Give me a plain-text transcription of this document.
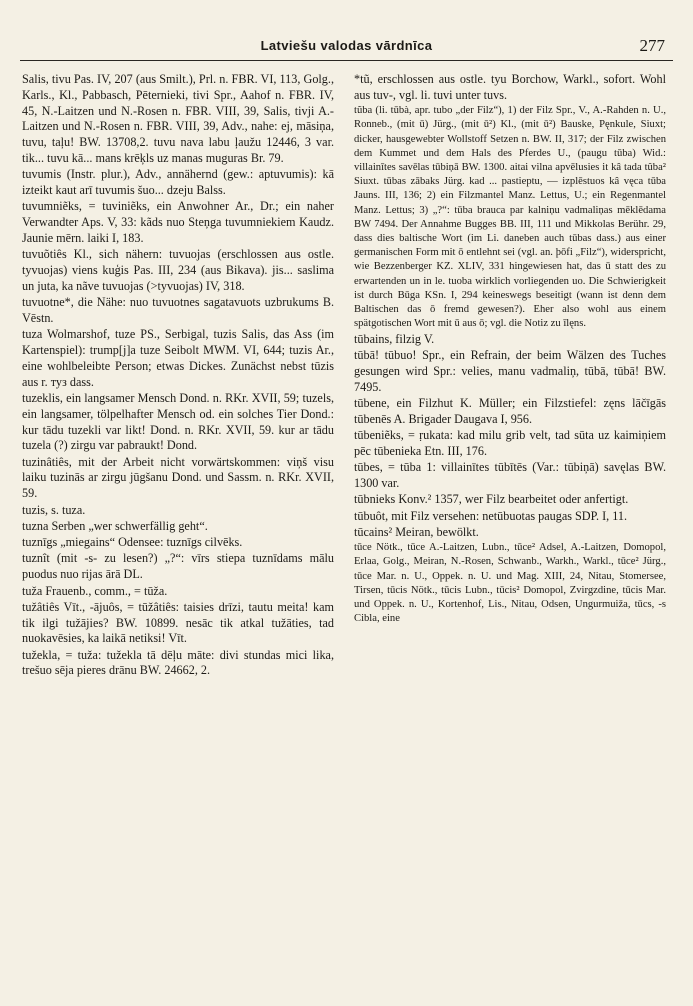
Latviešu valodas vārdnīca	277

Salis, tivu Pas. IV, 207 (aus Smilt.), Prl. n. FBR. VI, 113, Golg., Karls., Kl., Pabbasch, Pēternieki, tivi Spr., Aahof n. FBR. IV, 45, N.-Laitzen und N.-Rosen n. FBR. VIII, 39, Salis, tivji A.-Laitzen und N.-Rosen n. FBR. VIII, 39, Adv., nahe: ej, māsiņa, tuvu, taļu! BW. 13708,2. tuvu nava labu ļaužu 12446, 3 var. tik... tuvu kā... mans krēķls uz manas muguras Br. 79.

tuvumis (Instr. plur.), Adv., annähernd (gew.: aptuvumis): kā izteikt kaut arī tuvumis šuo... dzeju Balss.

tuvumniẽks, = tuviniẽks, ein Anwohner Ar., Dr.; ein naher Verwandter Aps. V, 33: kãds nuo Steņga tuvumniekiem Kaudz. Jaunie mērn. laiki I, 183.

tuvuõtiês Kl., sich nähern: tuvuojas (erschlossen aus ostle. tyvuojas) viens kuģis Pas. III, 234 (aus Bikava). jis... saslima un juta, ka nãve tuvuojas (>tyvuojas) IV, 318.

tuvuotne*, die Nähe: nuo tuvuotnes sagatavuots uzbrukums B. Vēstn.

tuza Wolmarshof, tuze PS., Serbigal, tuzis Salis, das Ass (im Kartenspiel): trump[j]a tuze Seibolt MWM. VI, 644; tuzis Ar., eine wohlbeleibte Person; etwas Dickes. Zunächst nebst tūzis aus r. туз dass.

tuzeklis, ein langsamer Mensch Dond. n. RKr. XVII, 59; tuzels, ein langsamer, tölpelhafter Mensch od. ein solches Tier Dond.: kur tādu tuzekli var likt! Dond. n. RKr. XVII, 59. kur ar tādu tuzela (?) zirgu var pabraukt! Dond.

tuzinâtiês, mit der Arbeit nicht vorwärtskommen: viņš visu laiku tuzinās ar zirgu jūgšanu Dond. und Sassm. n. RKr. XVII, 59.

tuzis, s. tuza.

tuzna Serben „wer schwerfällig geht“.

tuznīgs „miegains“ Odensee: tuznīgs cilvēks.

tuznît (mit -s- zu lesen?) „?“: vīrs stiepa tuznīdams mālu puodus nuo rijas ārā DL.

tuža Frauenb., comm., = tūža.

tužâtiês Vīt., -ājuôs, = tūžâtiês: taisies drīzi, tautu meita! kam tik ilgi tužājies? BW. 10899. nesāc tik atkal tužāties, tad nuokavēsies, ka laikā netiksi! Vīt.

tužekla, = tuža: tužekla tā dēļu māte: divi stundas mici lika, trešuo sēja pieres drānu BW. 24662, 2.

*tũ, erschlossen aus ostle. tyu Borchow, Warkl., sofort. Wohl aus tuv-, vgl. li. tuvi unter tuvs.

tũba (li. tūbà, apr. tubo „der Filz“), 1) der Filz Spr., V., A.-Rahden n. U., Ronneb., (mit ū) Jürg., (mit ū²) Kl., (mit ū²) Bauske, Pęnkule, Siuxt; dicker, hausgewebter Wollstoff Setzen n. BW. II, 317; der Filz zwischen dem Kummet und dem Hals des Pferdes U., (paugu tūba) Wid.: villainītes savēlas tūbiņā BW. 1300. aitai vilna apvēlusies it kâ tada tûba² Siuxt. tūbas zābaks Jürg. kad ... pastieptu, — izplēstuos kâ vęca tūba Jauns. III, 136; 2) ein Filzmantel Manz. Lettus, U.; ein Regenmantel Manz. Lettus; 3) „?“: tūba brauca par kalniņu vadmaliņas mēklēdama BW 7494. Der Annahme Bugges BB. III, 111 und Mikkolas Berühr. 29, dass dies baltische Wort (im Li. daneben auch tūbas dass.) aus einer germanischen Form mit ō entlehnt sei (vgl. an. þōfi „Filz“), widerspricht, wie Bezzenberger KZ. XLIV, 331 hingewiesen hat, das ū statt des zu erwartenden un in le. tuoba wirklich vorliegenden uo. Die Schwierigkeit ist durch Būga KSn. I, 294 keineswegs beseitigt (wann ist denn dem Baltischen das ō fremd gewesen?). Eher also wohl aus einem spätgotischen Wort mit ū aus ō; vgl. die Notiz zu īlęns.

tūbains, filzig V.

tūbā! tūbuo! Spr., ein Refrain, der beim Wälzen des Tuches gesungen wird Spr.: velies, manu vadmaliņ, tūbā, tūbā! BW. 7495.

tūbene, ein Filzhut K. Müller; ein Filzstiefel: zęns lāčīgās tūbenēs A. Brigader Daugava I, 956.

tūbeniẽks, = ṛukata: kad milu grib velt, tad sūta uz kaimiņiem pēc tūbenieka Etn. III, 176.

tūbes, = tūba 1: villainītes tūbītēs (Var.: tūbiņā) savęlas BW. 1300 var.

tūbnieks Konv.² 1357, wer Filz bearbeitet oder anfertigt.

tūbuôt, mit Filz versehen: netūbuotas paugas SDP. I, 11.

tūcains² Meiran, bewölkt.

tūce Nötk., tūce A.-Laitzen, Lubn., tūce² Adsel, A.-Laitzen, Domopol, Erlaa, Golg., Meiran, N.-Rosen, Schwanb., Warkh., Warkl., tūce² Jürg., tūce Mar. n. U., Oppek. n. U. und Mag. XIII, 24, Nitau, Stomersee, Tirsen, tūcis Nötk., tūcis Lubn., tūcis² Domopol, Zvirgzdine, tūcis Mar. und Oppek. n. U., Kortenhof, Lis., Nitau, Odsen, Ungurmuiža, tūcs, -s Cibla, eine
